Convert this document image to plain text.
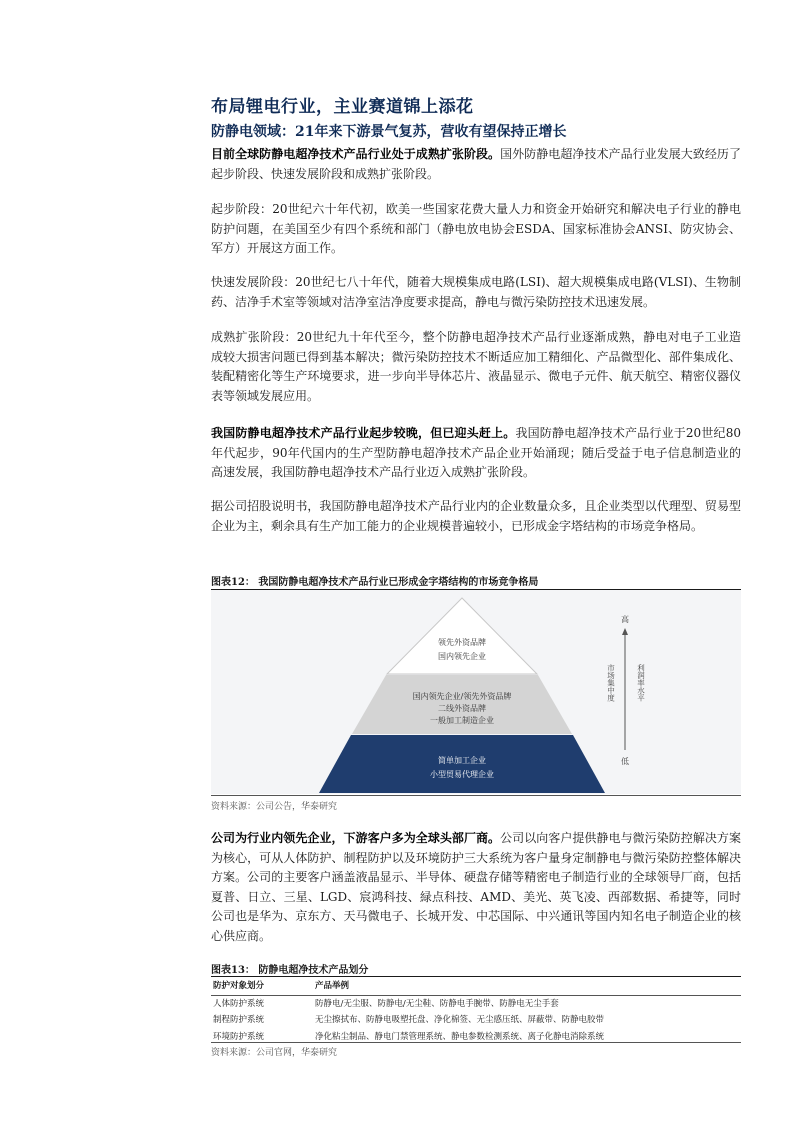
布局锂电行业，主业赛道锦上添花
防静电领域：21年来下游景气复苏，营收有望保持正增长
目前全球防静电超净技术产品行业处于成熟扩张阶段。国外防静电超净技术产品行业发展大致经历了起步阶段、快速发展阶段和成熟扩张阶段。
起步阶段：20世纪六十年代初，欧美一些国家花费大量人力和资金开始研究和解决电子行业的静电防护问题，在美国至少有四个系统和部门（静电放电协会ESDA、国家标准协会ANSI、防灾协会、军方）开展这方面工作。
快速发展阶段：20世纪七八十年代，随着大规模集成电路(LSI)、超大规模集成电路(VLSI)、生物制药、洁净手术室等领域对洁净室洁净度要求提高，静电与微污染防控技术迅速发展。
成熟扩张阶段：20世纪九十年代至今，整个防静电超净技术产品行业逐渐成熟，静电对电子工业造成较大损害问题已得到基本解决；微污染防控技术不断适应加工精细化、产品微型化、部件集成化、装配精密化等生产环境要求，进一步向半导体芯片、液晶显示、微电子元件、航天航空、精密仪器仪表等领域发展应用。
我国防静电超净技术产品行业起步较晚，但已迎头赶上。我国防静电超净技术产品行业于20世纪80年代起步，90年代国内的生产型防静电超净技术产品企业开始涌现；随后受益于电子信息制造业的高速发展，我国防静电超净技术产品行业迈入成熟扩张阶段。
据公司招股说明书，我国防静电超净技术产品行业内的企业数量众多，且企业类型以代理型、贸易型企业为主，剩余具有生产加工能力的企业规模普遍较小，已形成金字塔结构的市场竞争格局。
图表12： 我国防静电超净技术产品行业已形成金字塔结构的市场竞争格局
领先外资品牌
国内领先企业
国内领先企业/领先外资品牌
二线外资品牌
一般加工制造企业
简单加工企业
小型贸易代理企业
高
低
市场集中度	利润率水平
资料来源：公司公告，华泰研究
公司为行业内领先企业，下游客户多为全球头部厂商。公司以向客户提供静电与微污染防控解决方案为核心，可从人体防护、制程防护以及环境防护三大系统为客户量身定制静电与微污染防控整体解决方案。公司的主要客户涵盖液晶显示、半导体、硬盘存储等精密电子制造行业的全球领导厂商，包括夏普、日立、三星、LGD、宸鸿科技、緑点科技、AMD、美光、英飞凌、西部数据、希捷等，同时公司也是华为、京东方、天马微电子、长城开发、中芯国际、中兴通讯等国内知名电子制造企业的核心供应商。
图表13： 防静电超净技术产品划分
防护对象划分	产品举例
人体防护系统	防静电/无尘服、防静电/无尘鞋、防静电手腕带、防静电无尘手套
制程防护系统	无尘擦拭布、防静电吸塑托盘、净化棉签、无尘感压纸、屏蔽带、防静电胶带
环境防护系统	净化粘尘制品、静电门禁管理系统、静电参数检测系统、离子化静电消除系统
资料来源：公司官网，华泰研究
